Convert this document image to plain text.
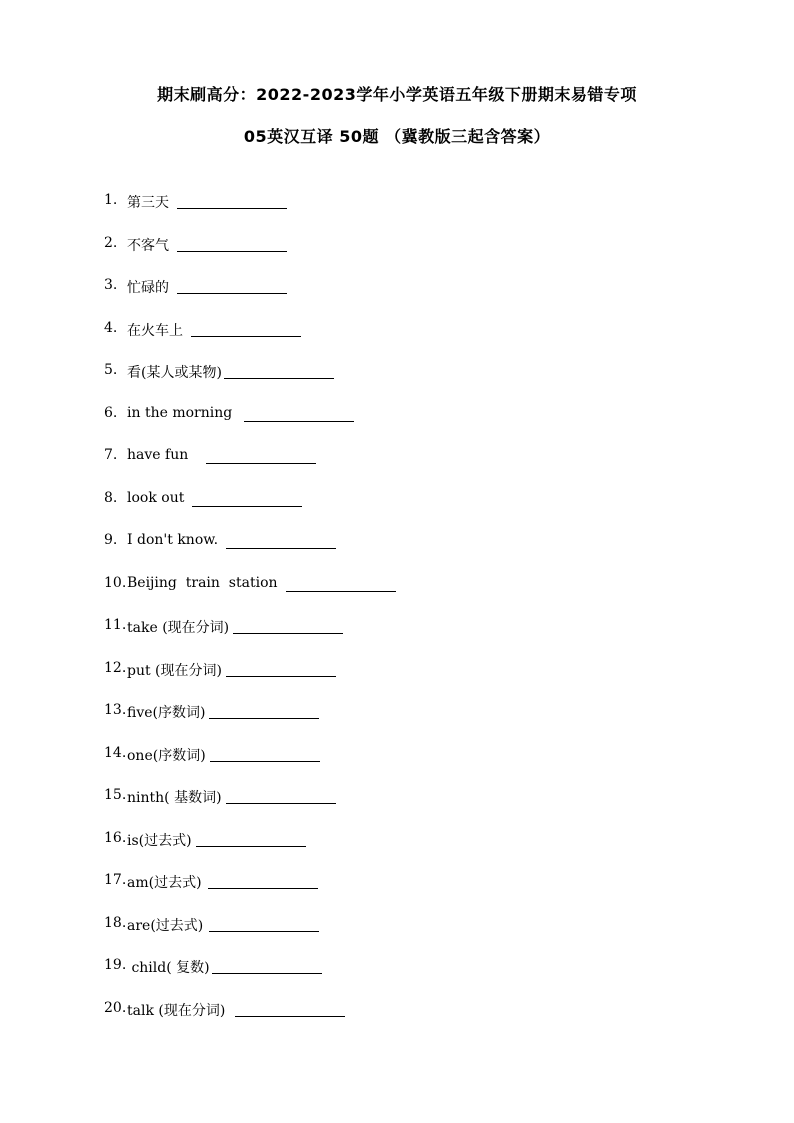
期末刷高分：2022-2023学年小学英语五年级下册期末易错专项
05英汉互译 50题 （冀教版三起含答案）
1. 第三天
2. 不客气
3. 忙碌的
4. 在火车上
5. 看(某人或某物)
6. in the morning
7. have fun
8. look out
9. I don't know.
10. Beijing  train  station
11. take (现在分词)
12. put (现在分词)
13. five(序数词)
14. one(序数词)
15. ninth( 基数词)
16. is(过去式)
17. am(过去式)
18. are(过去式)
19. child( 复数)
20. talk (现在分词)
